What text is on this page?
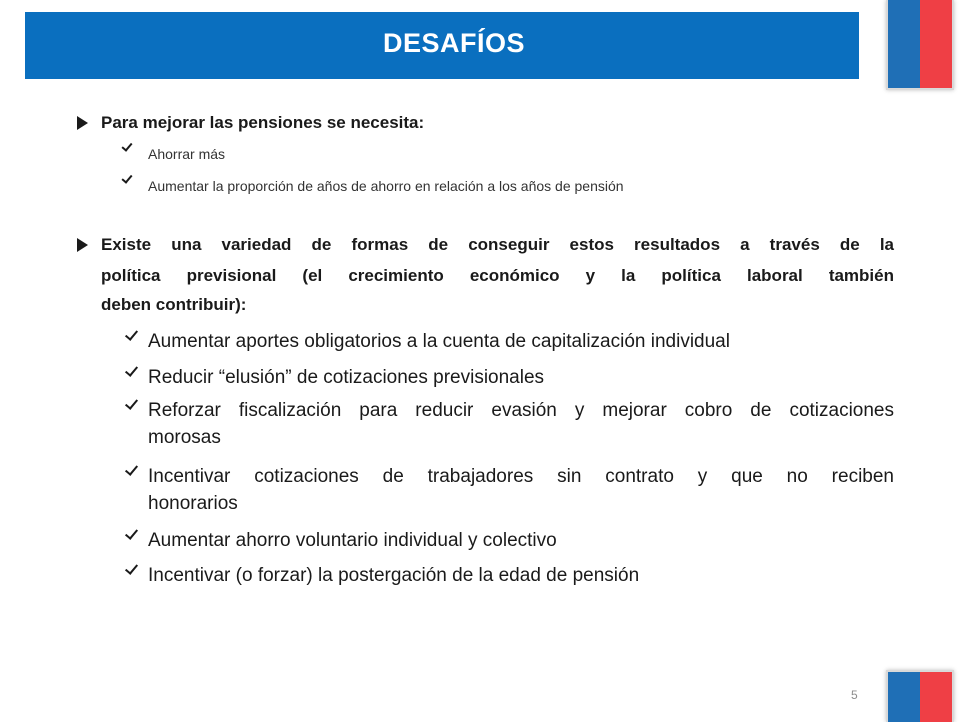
DESAFÍOS
Para mejorar las pensiones se necesita:
Ahorrar más
Aumentar la proporción de años de ahorro en relación a los años de pensión
Existe una variedad de formas de conseguir estos resultados a través de la
política previsional (el crecimiento económico y la política laboral también
deben contribuir):
Aumentar aportes obligatorios a la cuenta de capitalización individual
Reducir “elusión” de cotizaciones previsionales
Reforzar fiscalización para reducir evasión y mejorar cobro de cotizaciones
morosas
Incentivar cotizaciones de trabajadores sin contrato y que no reciben
honorarios
Aumentar ahorro voluntario individual y colectivo
Incentivar (o forzar) la postergación de la edad de pensión
5
